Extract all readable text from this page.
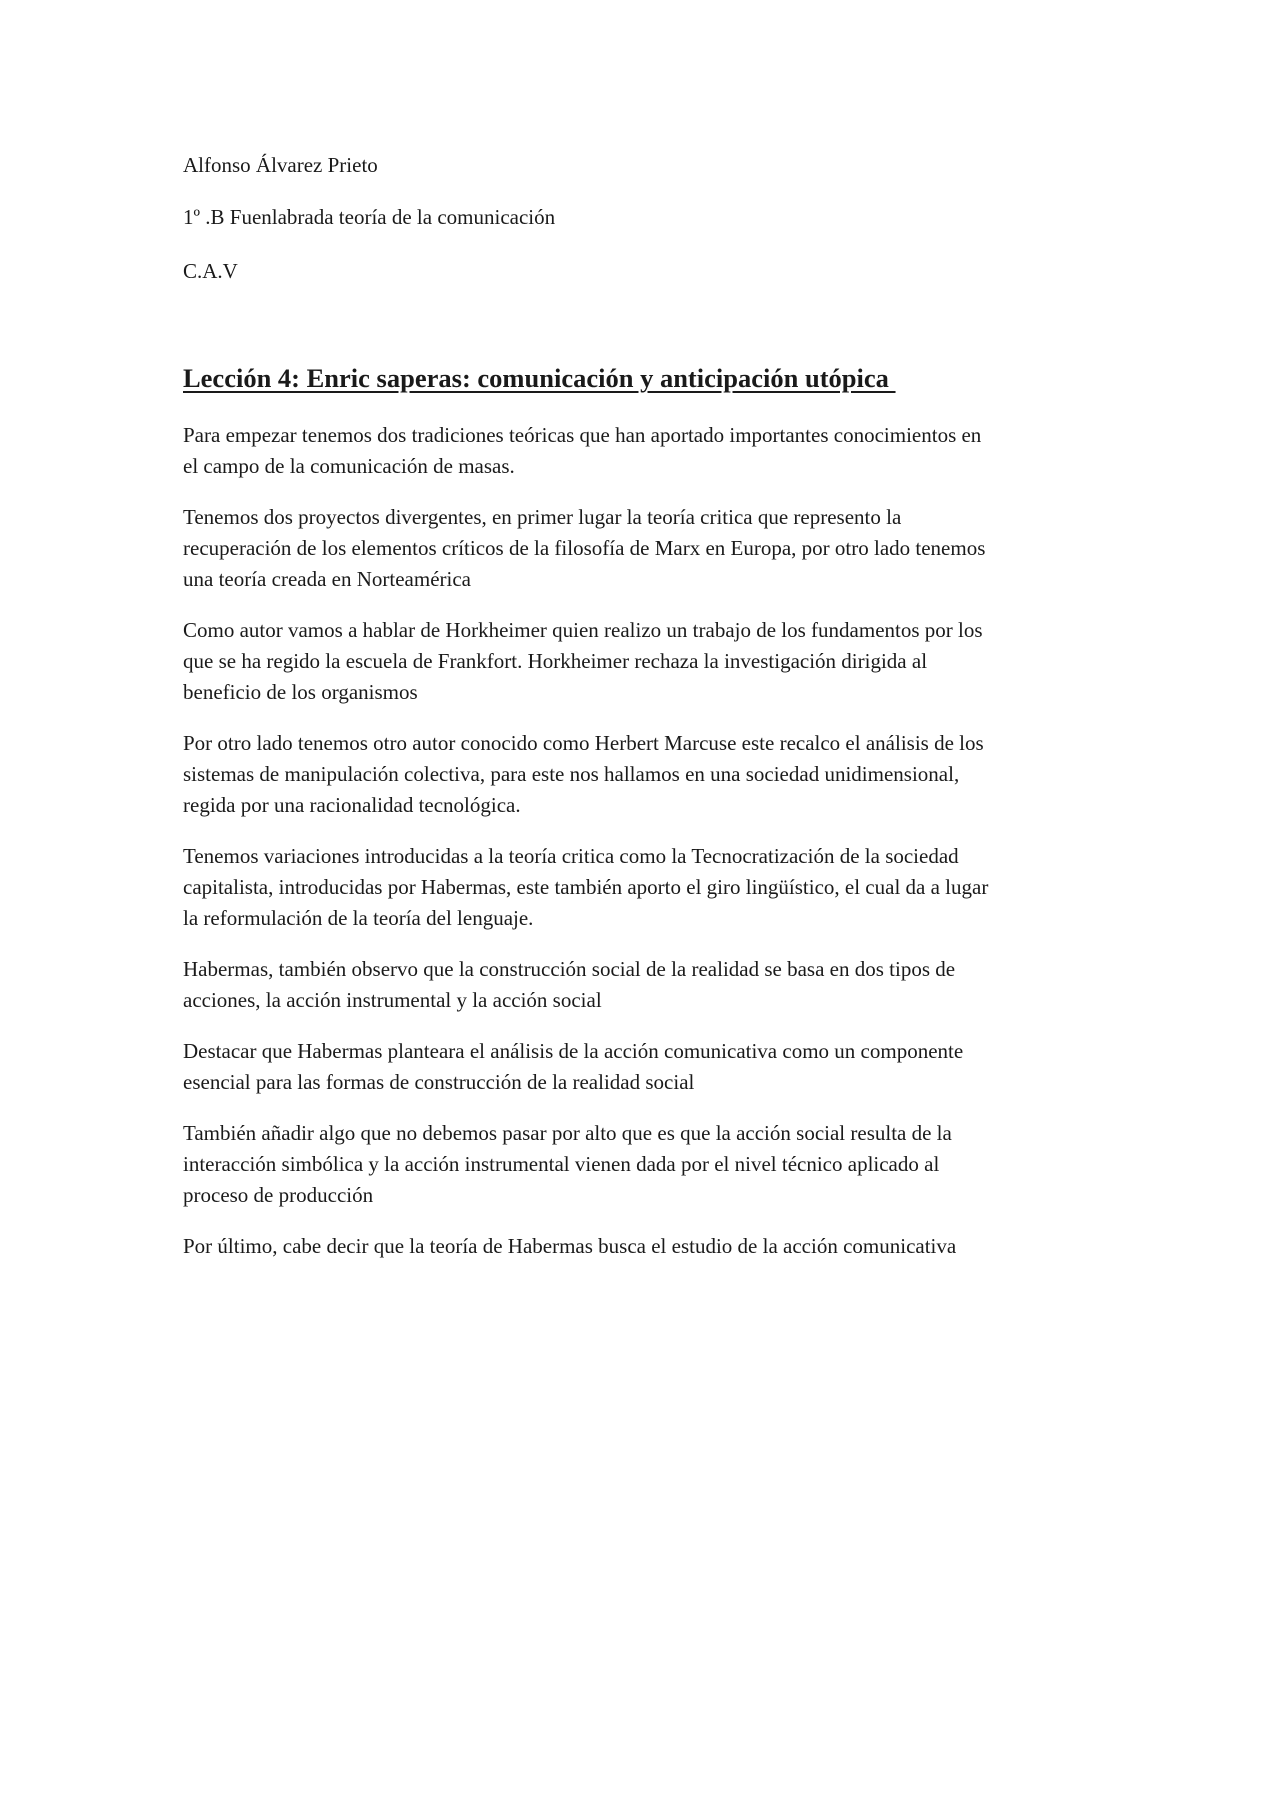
Alfonso Álvarez Prieto
1º .B Fuenlabrada teoría de la comunicación
C.A.V
Lección 4: Enric saperas: comunicación y anticipación utópica

Para empezar tenemos dos tradiciones teóricas que han aportado importantes conocimientos en
el campo de la comunicación de masas.

Tenemos dos proyectos divergentes, en primer lugar la teoría critica que represento la
recuperación de los elementos críticos de la filosofía de Marx en Europa, por otro lado tenemos
una teoría creada en Norteamérica

Como autor vamos a hablar de Horkheimer quien realizo un trabajo de los fundamentos por los
que se ha regido la escuela de Frankfort. Horkheimer rechaza la investigación dirigida al
beneficio de los organismos

Por otro lado tenemos otro autor conocido como Herbert Marcuse este recalco el análisis de los
sistemas de manipulación colectiva, para este nos hallamos en una sociedad unidimensional,
regida por una racionalidad tecnológica.

Tenemos variaciones introducidas a la teoría critica como la Tecnocratización de la sociedad
capitalista, introducidas por Habermas, este también aporto el giro lingüístico, el cual da a lugar
la reformulación de la teoría del lenguaje.

Habermas, también observo que la construcción social de la realidad se basa en dos tipos de
acciones, la acción instrumental y la acción social

Destacar que Habermas planteara el análisis de la acción comunicativa como un componente
esencial para las formas de construcción de la realidad social

También añadir algo que no debemos pasar por alto que es que la acción social resulta de la
interacción simbólica y la acción instrumental vienen dada por el nivel técnico aplicado al
proceso de producción

Por último, cabe decir que la teoría de Habermas busca el estudio de la acción comunicativa
